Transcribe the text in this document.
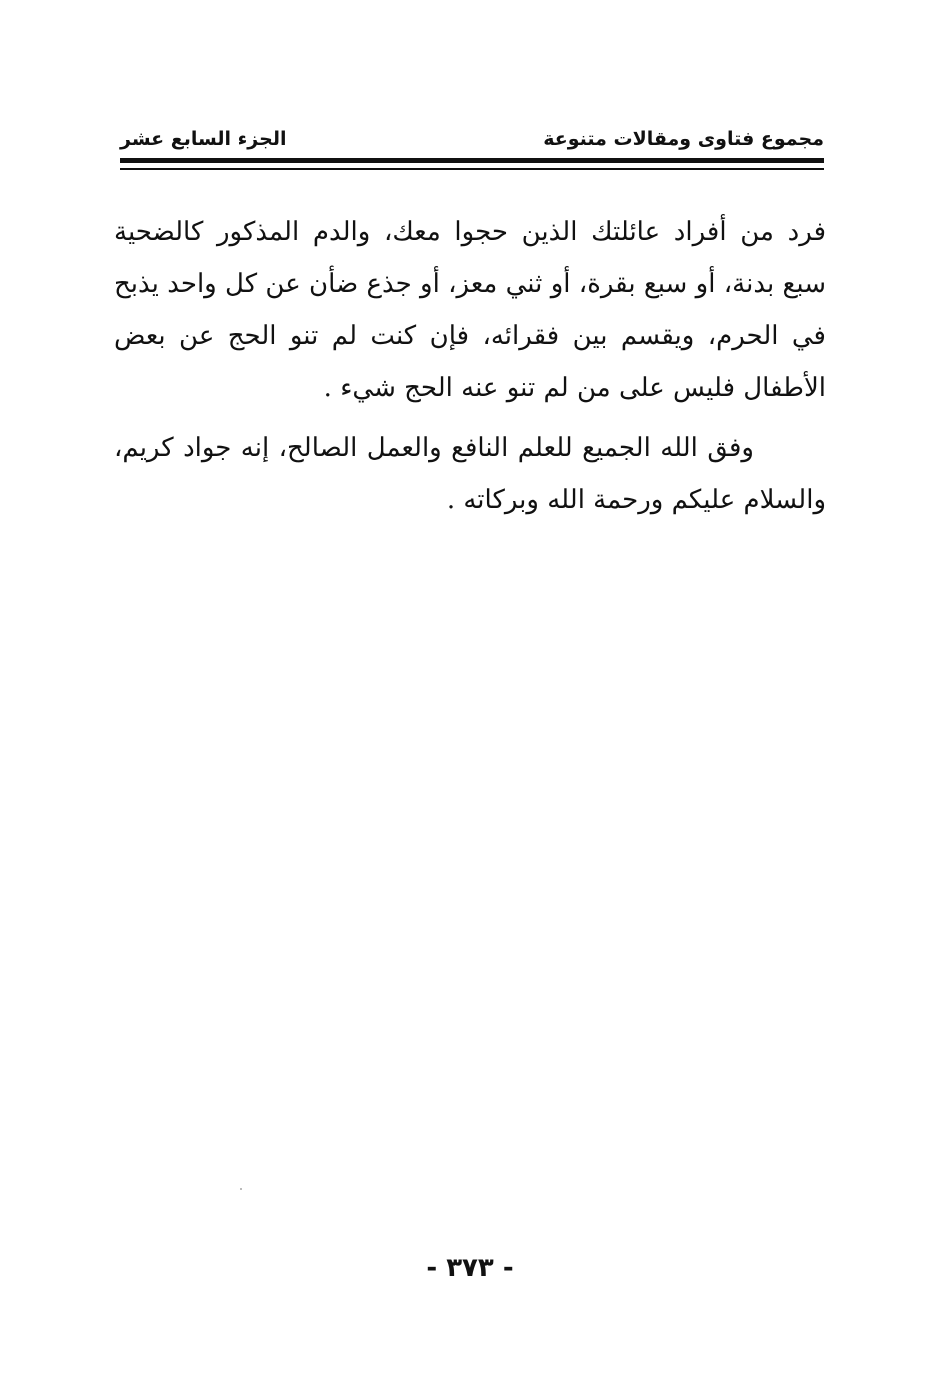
مجموع فتاوى ومقالات متنوعة
الجزء السابع عشر

فرد من أفراد عائلتك الذين حجوا معك، والدم المذكور كالضحية سبع بدنة، أو سبع بقرة، أو ثني معز، أو جذع ضأن عن كل واحد يذبح في الحرم، ويقسم بين فقرائه، فإن كنت لم تنو الحج عن بعض الأطفال فليس على من لم تنو عنه الحج شيء .

وفق الله الجميع للعلم النافع والعمل الصالح، إنه جواد كريم، والسلام عليكم ورحمة الله وبركاته .

- ٣٧٣ -
